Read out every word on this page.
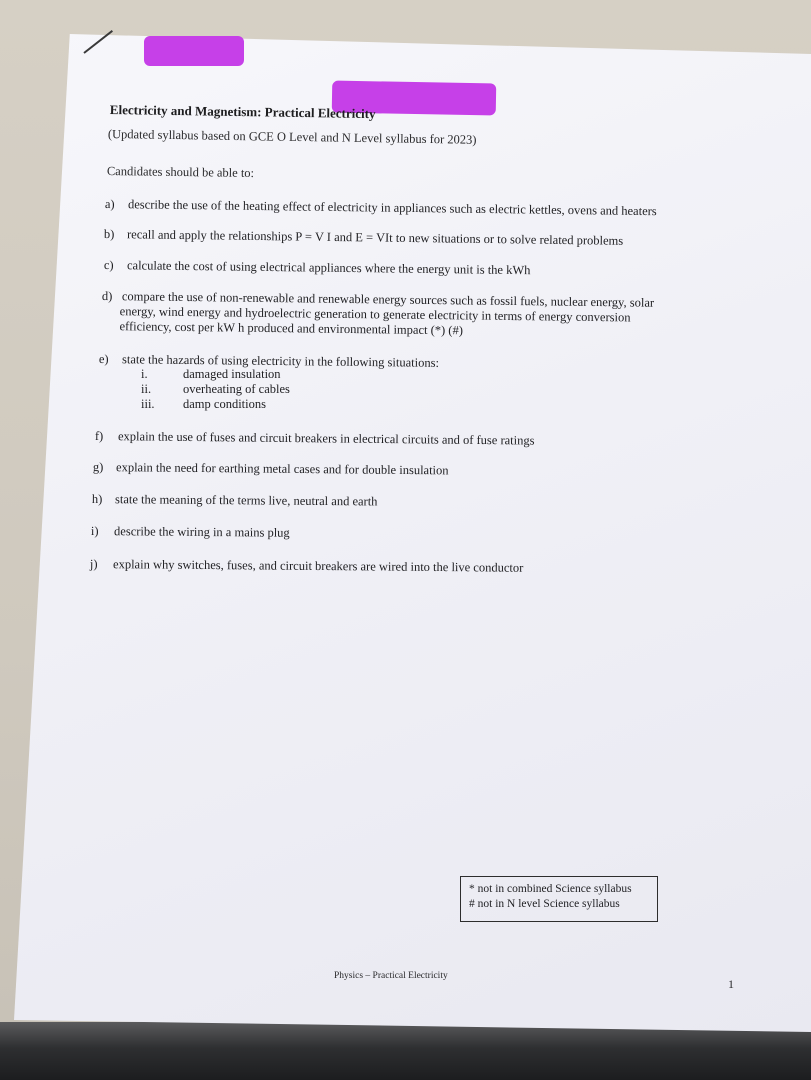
Electricity and Magnetism: Practical Electricity
(Updated syllabus based on GCE O Level and N Level syllabus for 2023)
Candidates should be able to:
a) describe the use of the heating effect of electricity in appliances such as electric kettles, ovens and heaters
b) recall and apply the relationships P = V I and E = VIt to new situations or to solve related problems
c) calculate the cost of using electrical appliances where the energy unit is the kWh
d) compare the use of non-renewable and renewable energy sources such as fossil fuels, nuclear energy, solar
energy, wind energy and hydroelectric generation to generate electricity in terms of energy conversion
efficiency, cost per kW h produced and environmental impact (*) (#)
e) state the hazards of using electricity in the following situations:
i.	damaged insulation
ii.	overheating of cables
iii. damp conditions
f) explain the use of fuses and circuit breakers in electrical circuits and of fuse ratings
g) explain the need for earthing metal cases and for double insulation
h) state the meaning of the terms live, neutral and earth
i) describe the wiring in a mains plug
j) explain why switches, fuses, and circuit breakers are wired into the live conductor
* not in combined Science syllabus
# not in N level Science syllabus
Physics – Practical Electricity
1
